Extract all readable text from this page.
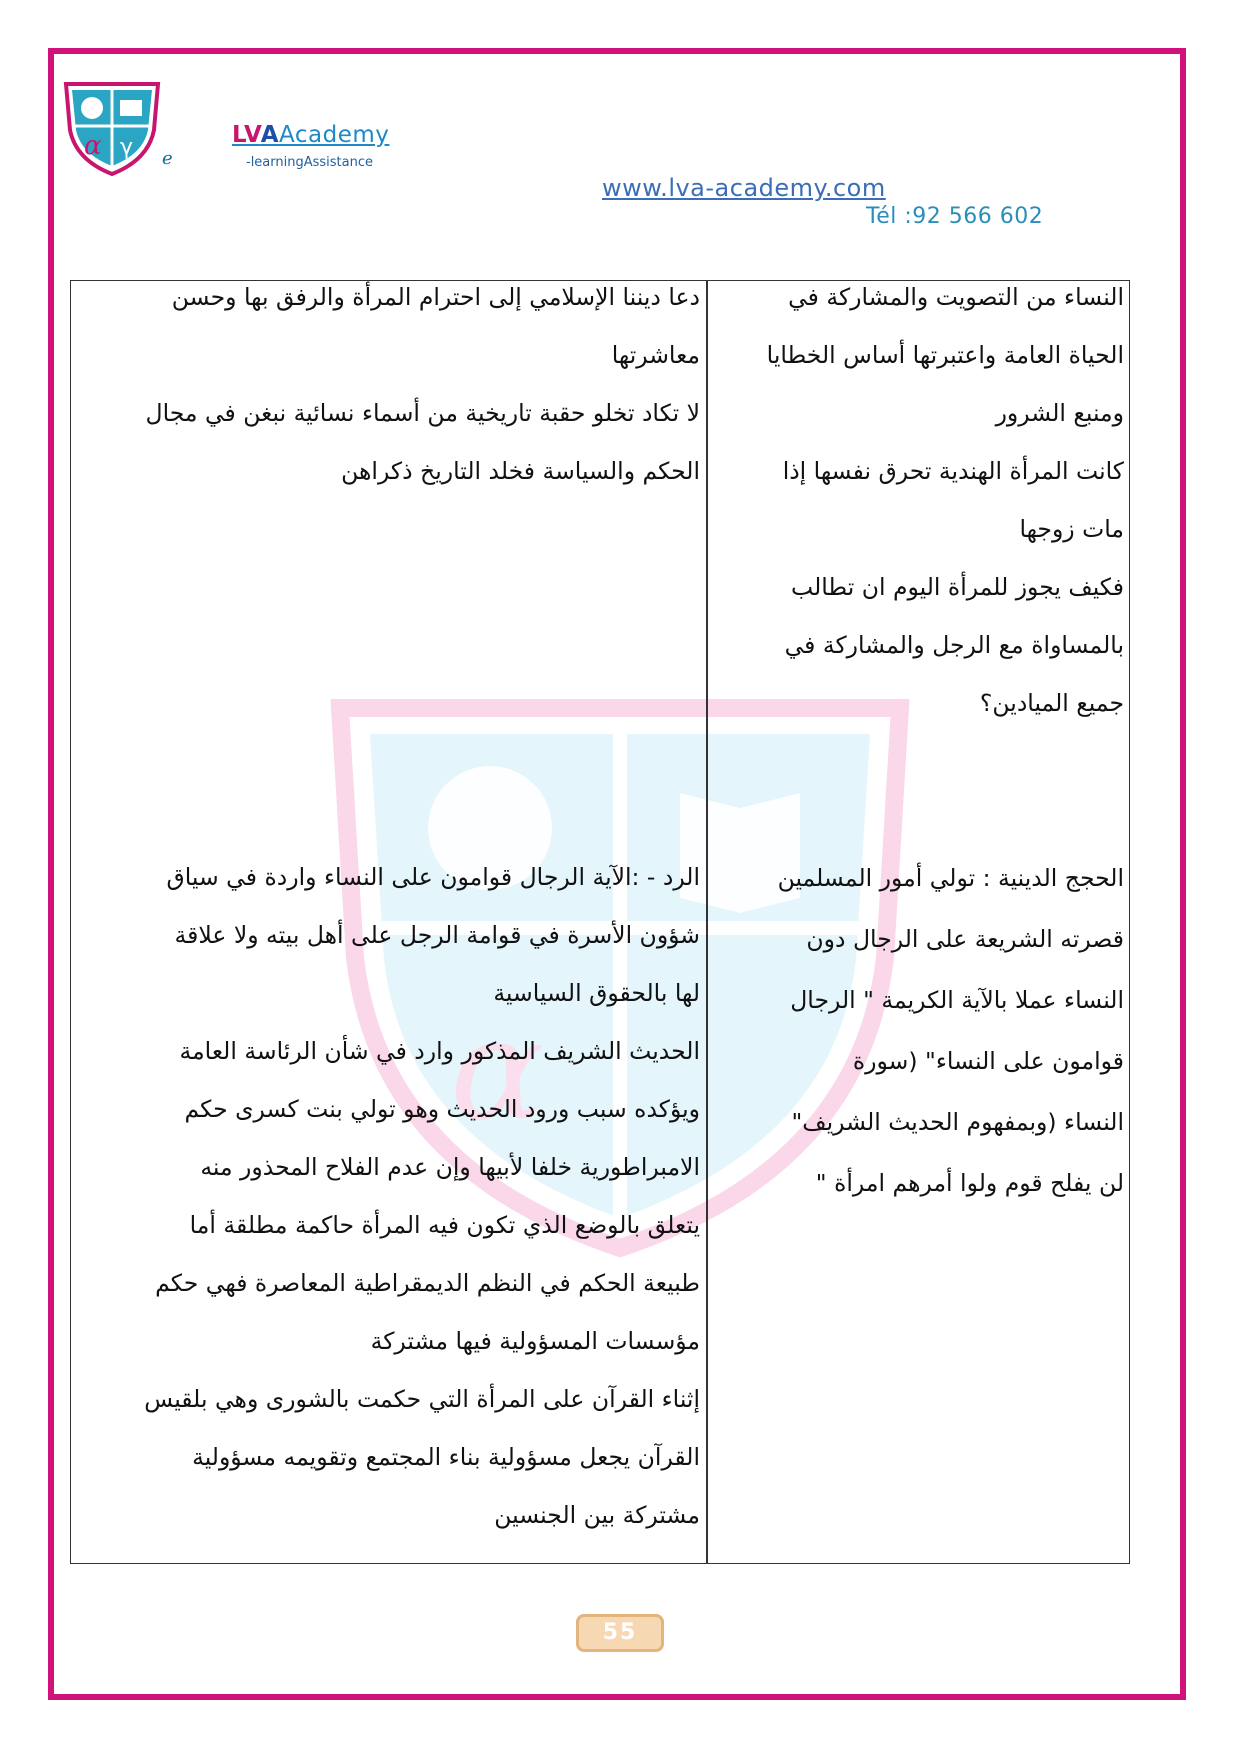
α γ e
LVAAcademy
-learningAssistance
www.lva-academy.com
Tél :92 566 602
α

النساء من التصويت والمشاركة في

الحياة العامة واعتبرتها أساس الخطايا

ومنبع الشرور

كانت المرأة الهندية تحرق نفسها إذا

مات زوجها

فكيف يجوز للمرأة اليوم ان تطالب

بالمساواة مع الرجل والمشاركة في

جميع الميادين؟

الحجج الدينية : تولي أمور المسلمين

قصرته الشريعة على الرجال دون

النساء عملا بالآية الكريمة " الرجال

قوامون على النساء" (سورة

النساء (وبمفهوم الحديث الشريف"

لن يفلح قوم ولوا أمرهم امرأة "

دعا ديننا الإسلامي إلى احترام المرأة والرفق بها وحسن

معاشرتها

لا تكاد تخلو حقبة تاريخية من أسماء نسائية نبغن في مجال

الحكم والسياسة فخلد التاريخ ذكراهن

الرد - :الآية الرجال قوامون على النساء واردة في سياق

شؤون الأسرة في قوامة الرجل على أهل بيته ولا علاقة

لها بالحقوق السياسية

الحديث الشريف المذكور وارد في شأن الرئاسة العامة

ويؤكده سبب ورود الحديث وهو تولي بنت كسرى حكم

الامبراطورية خلفا لأبيها وإن عدم الفلاح المحذور منه

يتعلق بالوضع الذي تكون فيه المرأة حاكمة مطلقة أما

طبيعة الحكم في النظم الديمقراطية المعاصرة فهي حكم

مؤسسات المسؤولية فيها مشتركة

إثناء القرآن على المرأة التي حكمت بالشورى وهي بلقيس

القرآن يجعل مسؤولية بناء المجتمع وتقويمه مسؤولية

مشتركة بين الجنسين

55
